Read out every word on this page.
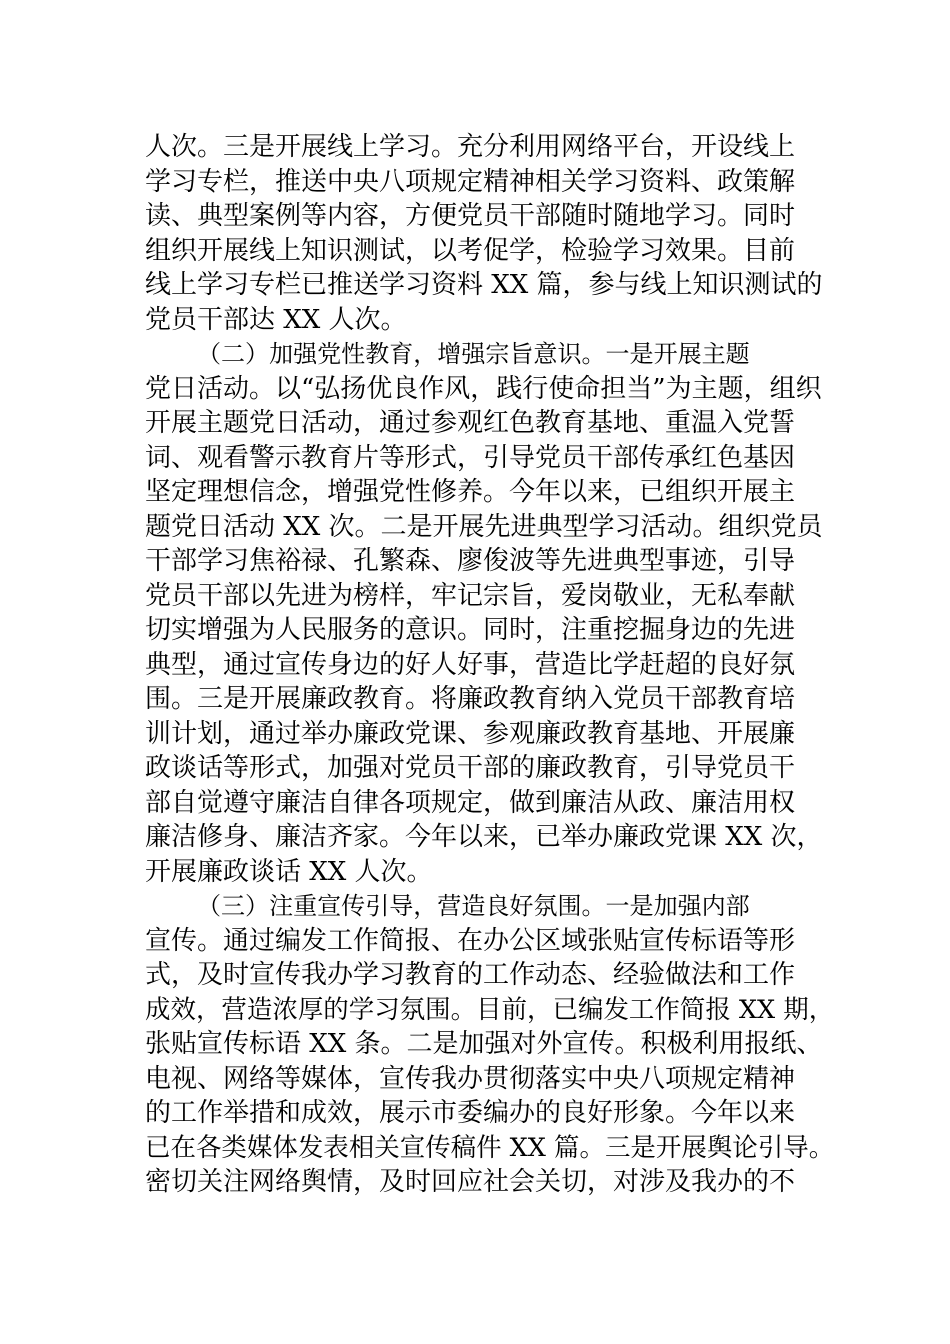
人次。三是开展线上学习。充分利用网络平台，开设线上
学习专栏，推送中央八项规定精神相关学习资料、政策解
读、典型案例等内容，方便党员干部随时随地学习。同时
组织开展线上知识测试，以考促学，检验学习效果。目前
线上学习专栏已推送学习资料 XX 篇，参与线上知识测试的
党员干部达 XX 人次。
（二）加强党性教育，增强宗旨意识。一是开展主题
党日活动。以“弘扬优良作风，践行使命担当”为主题，组织
开展主题党日活动，通过参观红色教育基地、重温入党誓
词、观看警示教育片等形式，引导党员干部传承红色基因
坚定理想信念，增强党性修养。今年以来，已组织开展主
题党日活动 XX 次。二是开展先进典型学习活动。组织党员
干部学习焦裕禄、孔繁森、廖俊波等先进典型事迹，引导
党员干部以先进为榜样，牢记宗旨，爱岗敬业，无私奉献
切实增强为人民服务的意识。同时，注重挖掘身边的先进
典型，通过宣传身边的好人好事，营造比学赶超的良好氛
围。三是开展廉政教育。将廉政教育纳入党员干部教育培
训计划，通过举办廉政党课、参观廉政教育基地、开展廉
政谈话等形式，加强对党员干部的廉政教育，引导党员干
部自觉遵守廉洁自律各项规定，做到廉洁从政、廉洁用权
廉洁修身、廉洁齐家。今年以来，已举办廉政党课 XX 次，
开展廉政谈话 XX 人次。
（三）注重宣传引导，营造良好氛围。一是加强内部
宣传。通过编发工作简报、在办公区域张贴宣传标语等形
式，及时宣传我办学习教育的工作动态、经验做法和工作
成效，营造浓厚的学习氛围。目前，已编发工作简报 XX 期，
张贴宣传标语 XX 条。二是加强对外宣传。积极利用报纸、
电视、网络等媒体，宣传我办贯彻落实中央八项规定精神
的工作举措和成效，展示市委编办的良好形象。今年以来
已在各类媒体发表相关宣传稿件 XX 篇。三是开展舆论引导。
密切关注网络舆情，及时回应社会关切，对涉及我办的不
